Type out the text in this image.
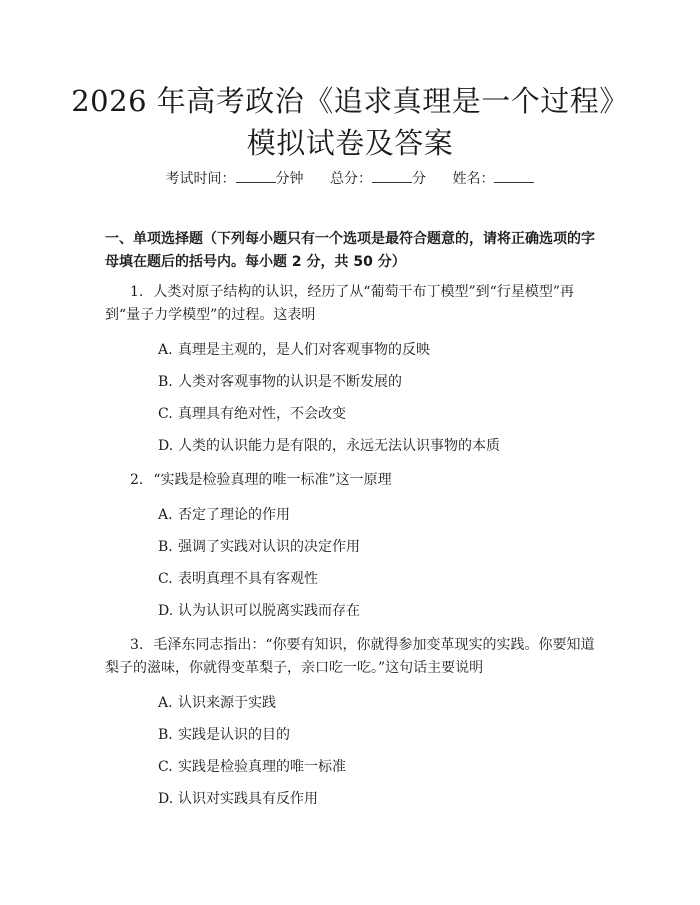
2026 年高考政治《追求真理是一个过程》模拟试卷及答案
考试时间：	分钟 总分：	分 姓名：
一、单项选择题（下列每小题只有一个选项是最符合题意的，请将正确选项的字母填在题后的括号内。每小题 2 分，共 50 分）

1. 人类对原子结构的认识，经历了从“葡萄干布丁模型”到“行星模型”再到“量子力学模型”的过程。这表明

A. 真理是主观的，是人们对客观事物的反映
B. 人类对客观事物的认识是不断发展的
C. 真理具有绝对性，不会改变
D. 人类的认识能力是有限的，永远无法认识事物的本质

2. “实践是检验真理的唯一标准”这一原理

A. 否定了理论的作用
B. 强调了实践对认识的决定作用
C. 表明真理不具有客观性
D. 认为认识可以脱离实践而存在

3. 毛泽东同志指出：“你要有知识，你就得参加变革现实的实践。你要知道梨子的滋味，你就得变革梨子，亲口吃一吃。”这句话主要说明

A. 认识来源于实践
B. 实践是认识的目的
C. 实践是检验真理的唯一标准
D. 认识对实践具有反作用
